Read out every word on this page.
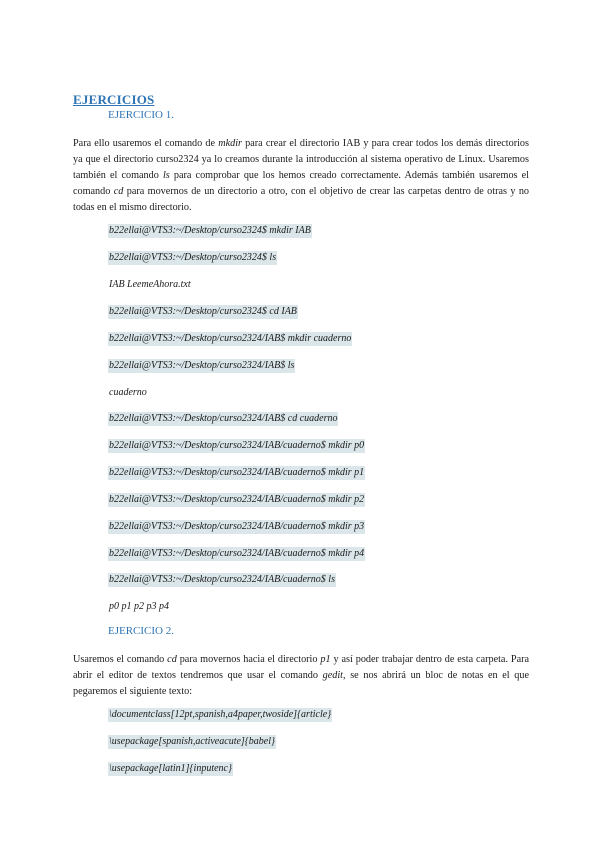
EJERCICIOS
EJERCICIO 1.
Para ello usaremos el comando de mkdir para crear el directorio IAB y para crear todos los demás directorios ya que el directorio curso2324 ya lo creamos durante la introducción al sistema operativo de Linux. Usaremos también el comando ls para comprobar que los hemos creado correctamente. Además también usaremos el comando cd para movernos de un directorio a otro, con el objetivo de crear las carpetas dentro de otras y no todas en el mismo directorio.
b22ellai@VTS3:~/Desktop/curso2324$ mkdir IAB
b22ellai@VTS3:~/Desktop/curso2324$ ls
IAB LeemeAhora.txt
b22ellai@VTS3:~/Desktop/curso2324$ cd IAB
b22ellai@VTS3:~/Desktop/curso2324/IAB$ mkdir cuaderno
b22ellai@VTS3:~/Desktop/curso2324/IAB$ ls
cuaderno
b22ellai@VTS3:~/Desktop/curso2324/IAB$ cd cuaderno
b22ellai@VTS3:~/Desktop/curso2324/IAB/cuaderno$ mkdir p0
b22ellai@VTS3:~/Desktop/curso2324/IAB/cuaderno$ mkdir p1
b22ellai@VTS3:~/Desktop/curso2324/IAB/cuaderno$ mkdir p2
b22ellai@VTS3:~/Desktop/curso2324/IAB/cuaderno$ mkdir p3
b22ellai@VTS3:~/Desktop/curso2324/IAB/cuaderno$ mkdir p4
b22ellai@VTS3:~/Desktop/curso2324/IAB/cuaderno$ ls
p0 p1 p2 p3 p4
EJERCICIO 2.
Usaremos el comando cd para movernos hacia el directorio p1 y así poder trabajar dentro de esta carpeta. Para abrir el editor de textos tendremos que usar el comando gedit, se nos abrirá un bloc de notas en el que pegaremos el siguiente texto:
\documentclass[12pt,spanish,a4paper,twoside]{article}
\usepackage[spanish,activeacute]{babel}
\usepackage[latin1]{inputenc}
